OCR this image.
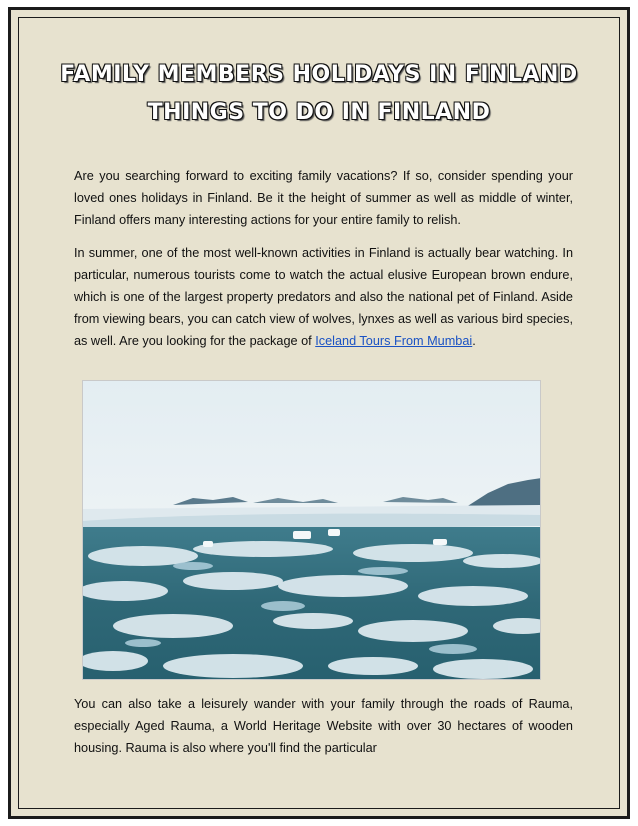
FAMILY MEMBERS HOLIDAYS IN FINLAND
THINGS TO DO IN FINLAND

Are you searching forward to exciting family vacations? If so, consider spending your loved ones holidays in Finland. Be it the height of summer as well as middle of winter, Finland offers many interesting actions for your entire family to relish.

In summer, one of the most well-known activities in Finland is actually bear watching. In particular, numerous tourists come to watch the actual elusive European brown endure, which is one of the largest property predators and also the national pet of Finland. Aside from viewing bears, you can catch view of wolves, lynxes as well as various bird species, as well. Are you looking for the package of Iceland Tours From Mumbai.

You can also take a leisurely wander with your family through the roads of Rauma, especially Aged Rauma, a World Heritage Website with over 30 hectares of wooden housing. Rauma is also where you'll find the particular
